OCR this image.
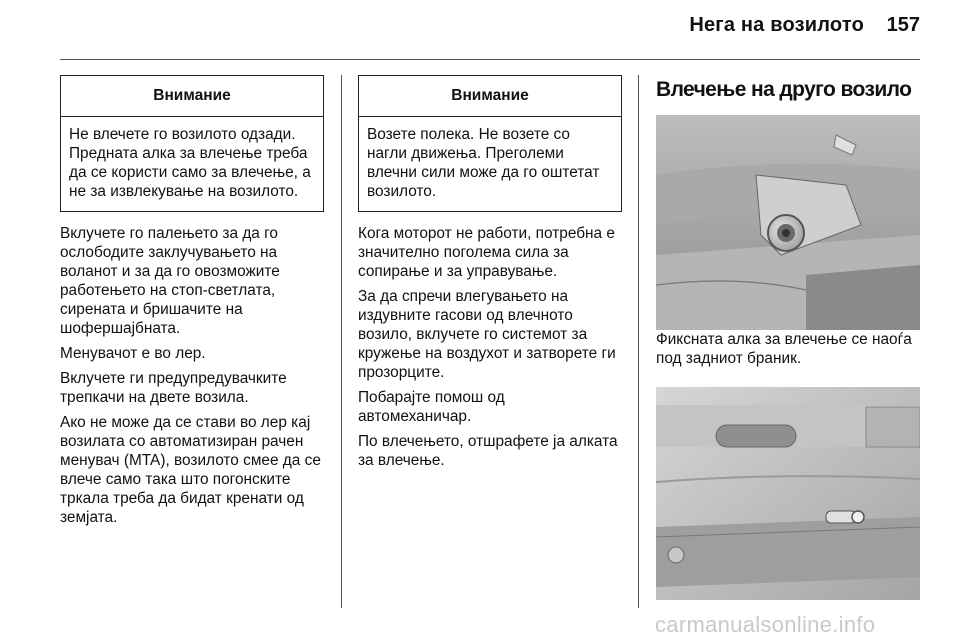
Нега на возилото 157
Внимание
Не влечете го возилото одзади. Предната алка за влечење треба да се користи само за влечење, а не за извлекување на возилото.

Вклучете го палењето за да го ослободите заклучувањето на воланот и за да го овозможите работењето на стоп-светлата, сирената и бришачите на шофершајбната.

Менувачот е во лер.

Вклучете ги предупредувачките трепкачи на двете возила.

Ако не може да се стави во лер кај возилата со автоматизиран рачен менувач (MTA), возилото смее да се влече само така што погонските тркала треба да бидат кренати од земјата.

Внимание
Возете полека. Не возете со нагли движења. Преголеми влечни сили може да го оштетат возилото.

Кога моторот не работи, потребна е значително поголема сила за сопирање и за управување.

За да спречи влегувањето на издувните гасови од влечното возило, вклучете го системот за кружење на воздухот и затворете ги прозорците.

Побарајте помош од автомеханичар.

По влечењето, отшрафете ја алката за влечење.

Влечење на друго возило

Фиксната алка за влечење се наоѓа под задниот браник.

carmanualsonline.info
